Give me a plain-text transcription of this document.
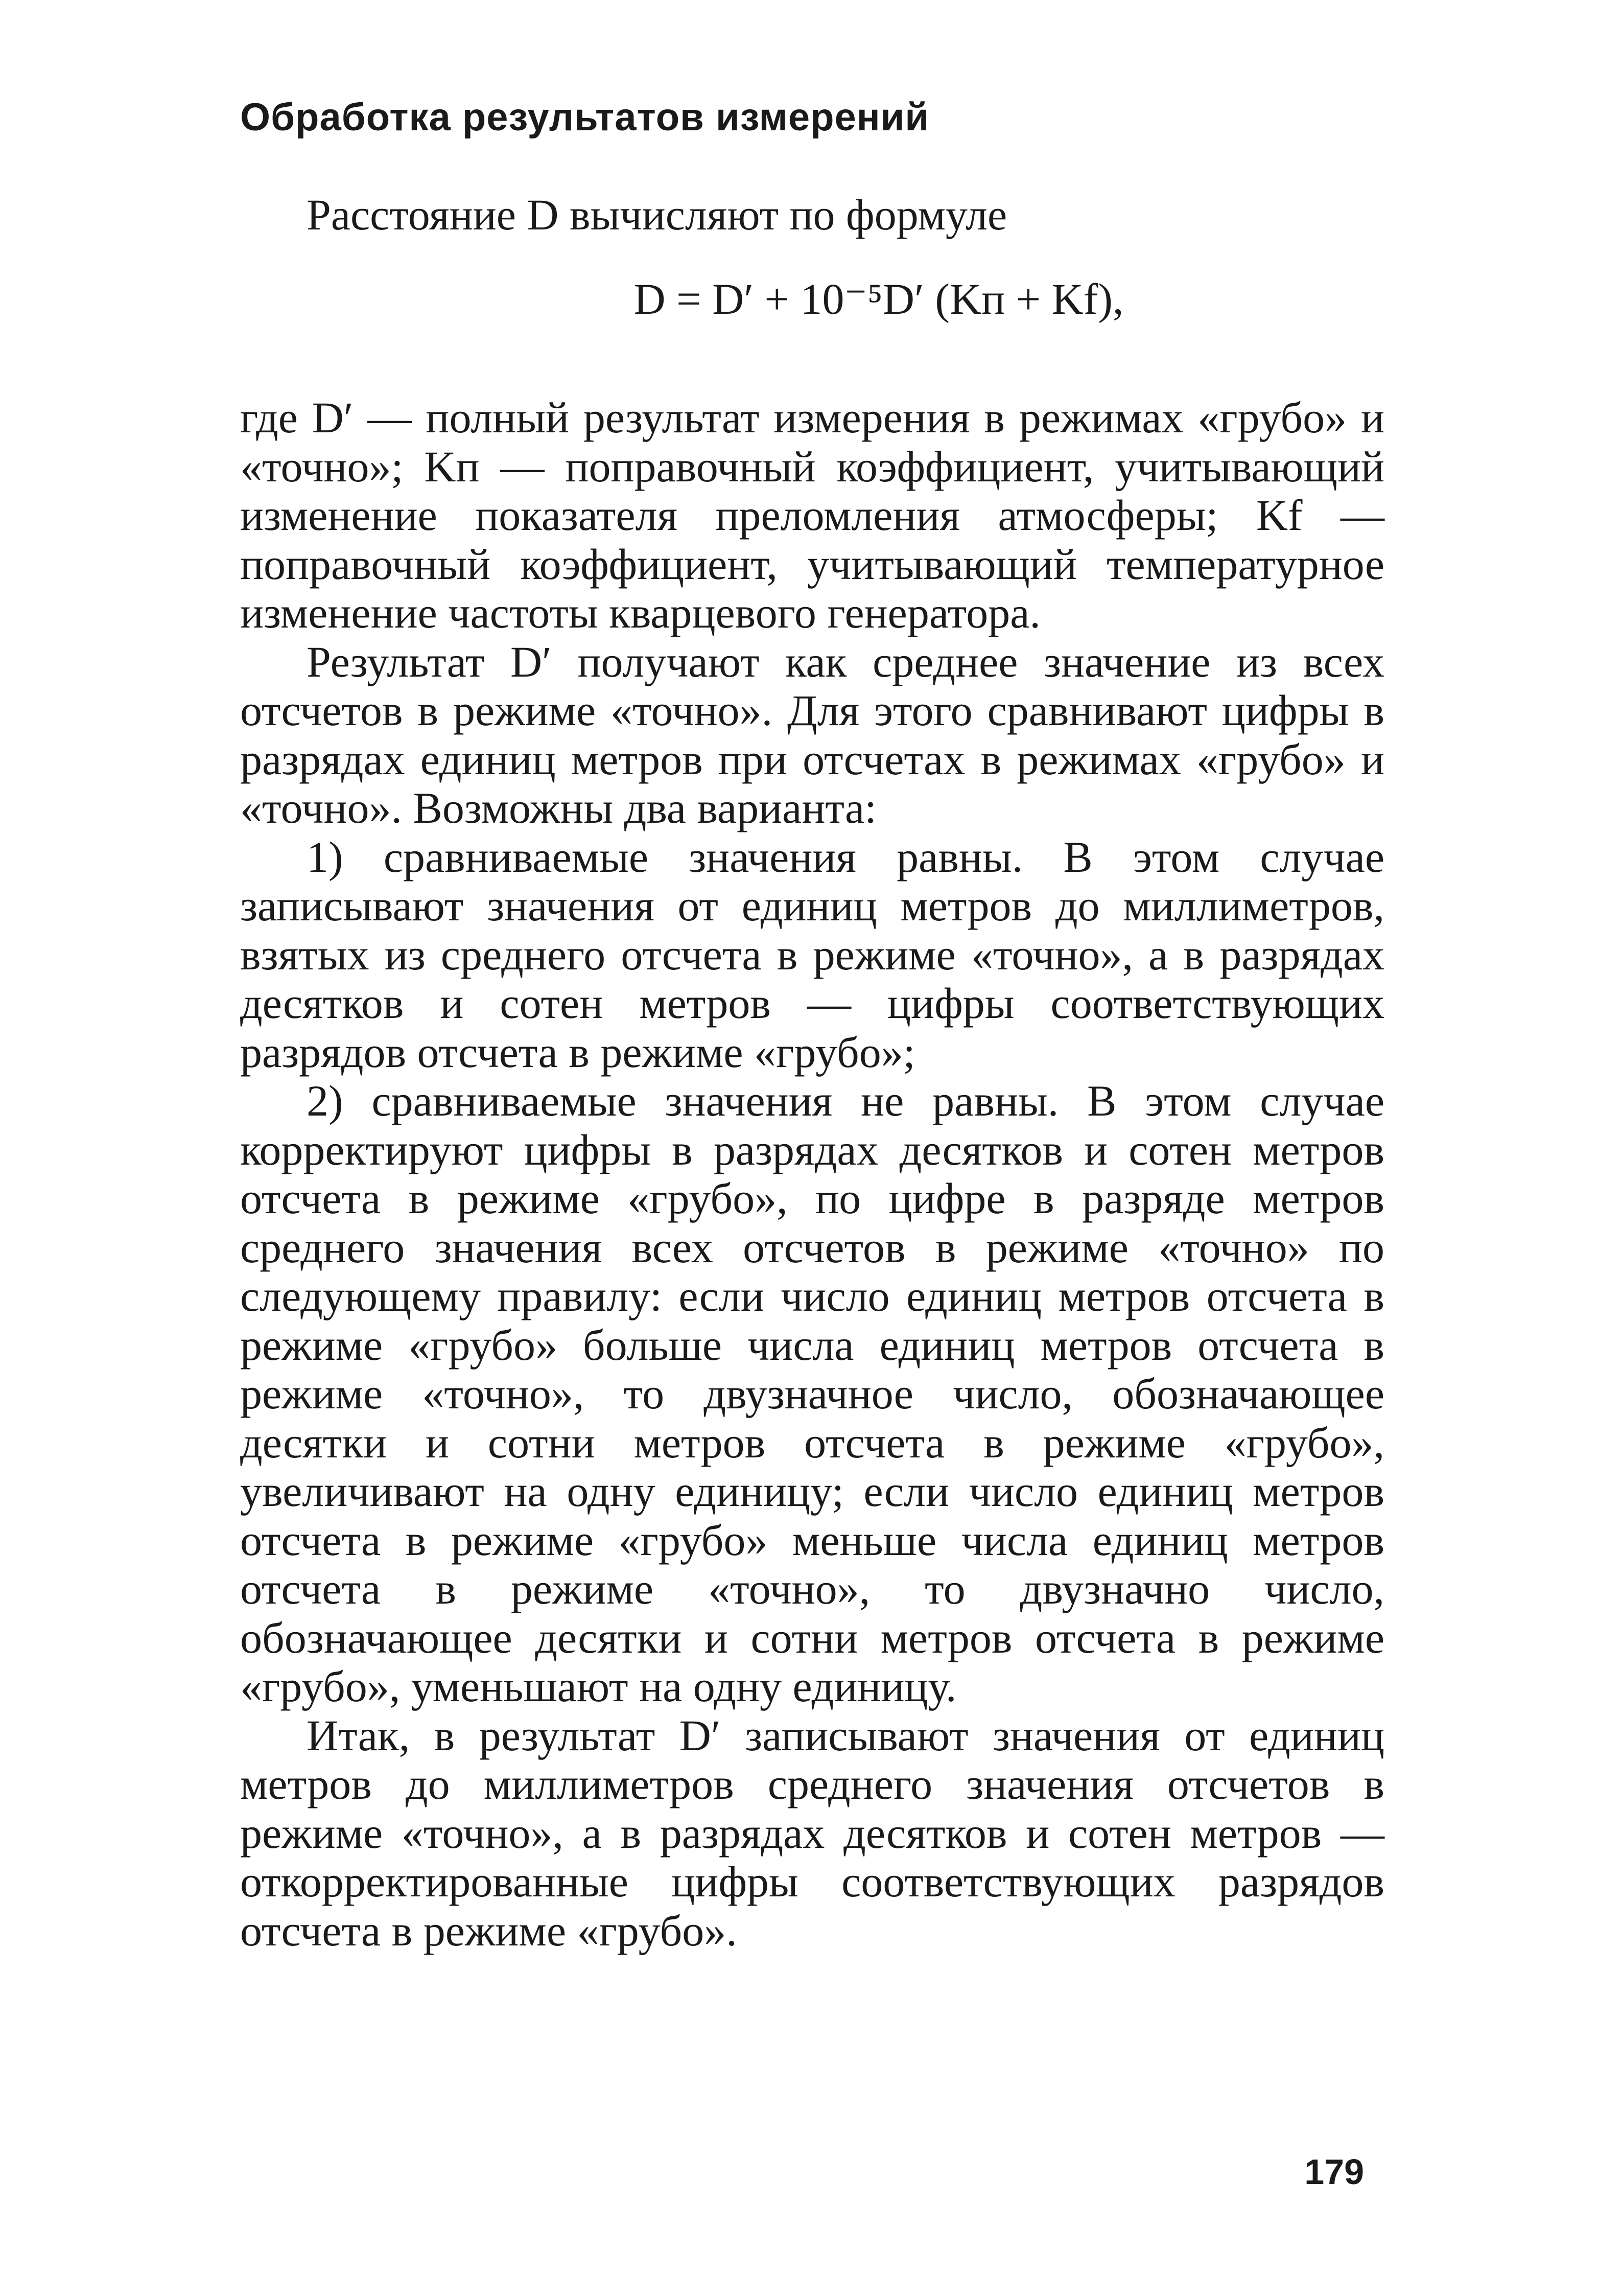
Обработка результатов измерений

Расстояние D вычисляют по формуле

D = D′ + 10⁻⁵D′ (Kп + Kf),

где D′ — полный результат измерения в режимах «грубо» и «точно»; Kп — поправочный коэффициент, учитывающий изменение показателя преломления атмосферы; Kf — поправочный коэффициент, учитывающий температурное изменение частоты кварцевого генератора.

Результат D′ получают как среднее значение из всех отсчетов в режиме «точно». Для этого сравнивают цифры в разрядах единиц метров при отсчетах в режимах «грубо» и «точно». Возможны два варианта:

1) сравниваемые значения равны. В этом случае записывают значения от единиц метров до миллиметров, взятых из среднего отсчета в режиме «точно», а в разрядах десятков и сотен метров — цифры соответствующих разрядов отсчета в режиме «грубо»;

2) сравниваемые значения не равны. В этом случае корректируют цифры в разрядах десятков и сотен метров отсчета в режиме «грубо», по цифре в разряде метров среднего значения всех отсчетов в режиме «точно» по следующему правилу: если число единиц метров отсчета в режиме «грубо» больше числа единиц метров отсчета в режиме «точно», то двузначное число, обозначающее десятки и сотни метров отсчета в режиме «грубо», увеличивают на одну единицу; если число единиц метров отсчета в режиме «грубо» меньше числа единиц метров отсчета в режиме «точно», то двузначно число, обозначающее десятки и сотни метров отсчета в режиме «грубо», уменьшают на одну единицу.

Итак, в результат D′ записывают значения от единиц метров до миллиметров среднего значения отсчетов в режиме «точно», а в разрядах десятков и сотен метров — откорректированные цифры соответствующих разрядов отсчета в режиме «грубо».

179
